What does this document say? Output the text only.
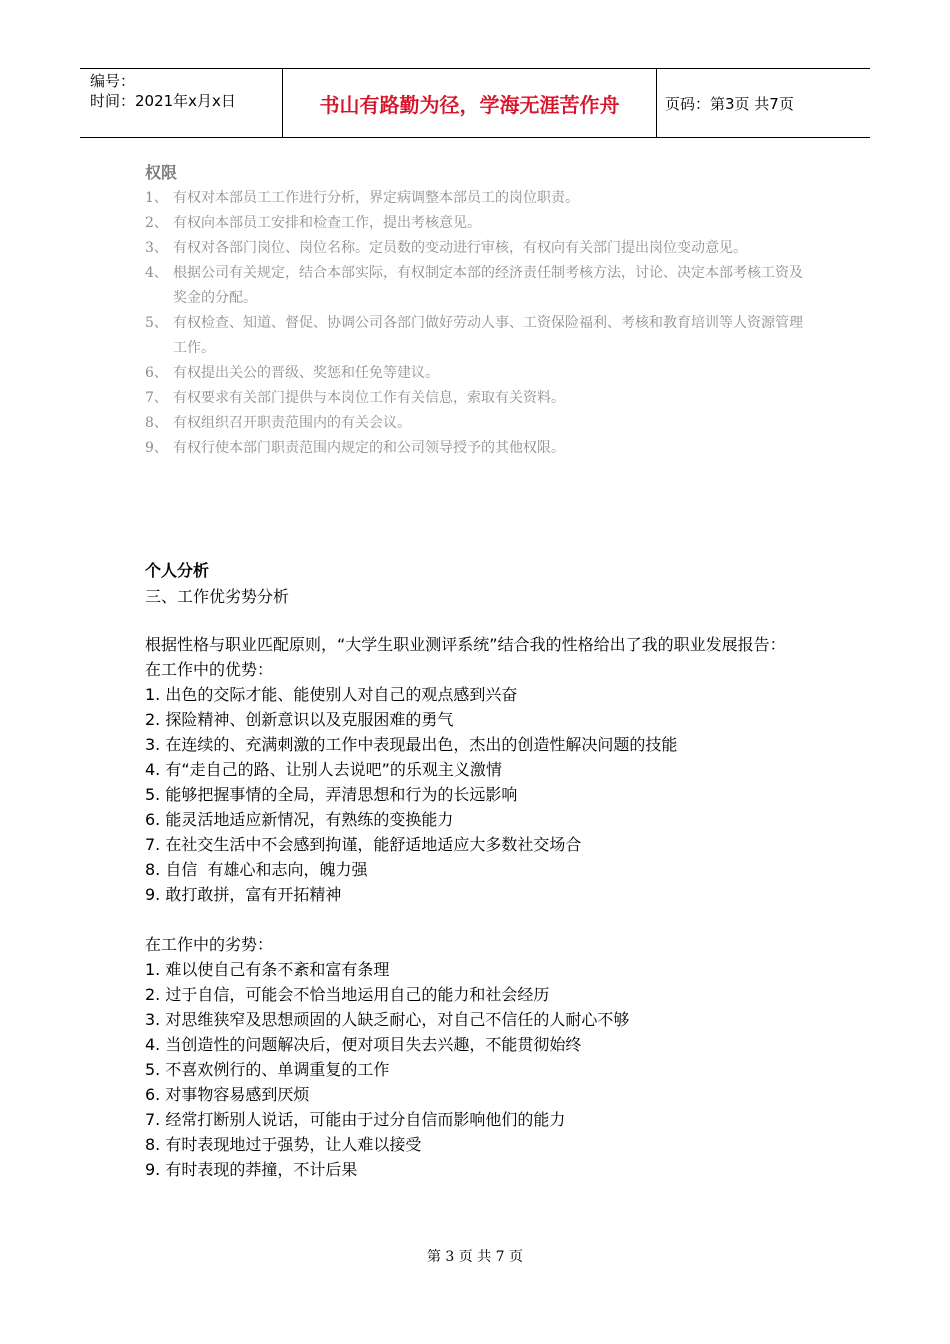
编号：
时间：2021年x月x日	书山有路勤为径，学海无涯苦作舟	页码：第3页 共7页
权限
1、 有权对本部员工工作进行分析，界定病调整本部员工的岗位职责。
2、 有权向本部员工安排和检查工作，提出考核意见。
3、 有权对各部门岗位、岗位名称。定员数的变动进行审核，有权向有关部门提出岗位变动意见。
4、 根据公司有关规定，结合本部实际，有权制定本部的经济责任制考核方法，讨论、决定本部考核工资及奖金的分配。
5、 有权检查、知道、督促、协调公司各部门做好劳动人事、工资保险福利、考核和教育培训等人资源管理工作。
6、 有权提出关公的晋级、奖惩和任免等建议。
7、 有权要求有关部门提供与本岗位工作有关信息，索取有关资料。
8、 有权组织召开职责范围内的有关会议。
9、 有权行使本部门职责范围内规定的和公司领导授予的其他权限。
个人分析
三、工作优劣势分析
根据性格与职业匹配原则，“大学生职业测评系统”结合我的性格给出了我的职业发展报告：
在工作中的优势：
1. 出色的交际才能、能使别人对自己的观点感到兴奋
2. 探险精神、创新意识以及克服困难的勇气
3. 在连续的、充满刺激的工作中表现最出色，杰出的创造性解决问题的技能
4. 有“走自己的路、让别人去说吧”的乐观主义激情
5. 能够把握事情的全局，弄清思想和行为的长远影响
6. 能灵活地适应新情况，有熟练的变换能力
7. 在社交生活中不会感到拘谨，能舒适地适应大多数社交场合
8. 自信  有雄心和志向，魄力强
9. 敢打敢拼，富有开拓精神
在工作中的劣势：
1. 难以使自己有条不紊和富有条理
2. 过于自信，可能会不恰当地运用自己的能力和社会经历
3. 对思维狭窄及思想顽固的人缺乏耐心，对自己不信任的人耐心不够
4. 当创造性的问题解决后，便对项目失去兴趣，不能贯彻始终
5. 不喜欢例行的、单调重复的工作
6. 对事物容易感到厌烦
7. 经常打断别人说话，可能由于过分自信而影响他们的能力
8. 有时表现地过于强势，让人难以接受
9. 有时表现的莽撞，不计后果
第 3 页 共 7 页
